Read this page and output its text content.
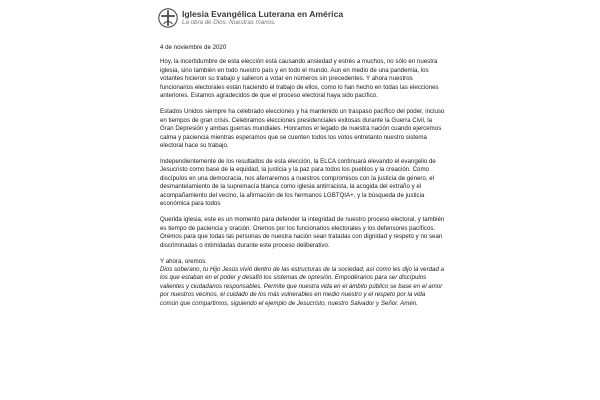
Iglesia Evangélica Luterana en América
La obra de Dios. Nuestras manos.

4 de noviembre de 2020

Hoy, la incertidumbre de esta elección está causando ansiedad y estrés a muchos, no sólo en nuestra iglesia, sino también en todo nuestro país y en todo el mundo. Aun en medio de una pandemia, los votantes hicieron su trabajo y salieron a votar en números sin precedentes. Y ahora nuestros funcionarios electorales están haciendo el trabajo de ellos, como lo han hecho en todas las elecciones anteriores. Estamos agradecidos de que el proceso electoral haya sido pacífico.

Estados Unidos siempre ha celebrado elecciones y ha mantenido un traspaso pacífico del poder, incluso en tiempos de gran crisis. Celebramos elecciones presidenciales exitosas durante la Guerra Civil, la Gran Depresión y ambas guerras mundiales. Honramos el legado de nuestra nación cuando ejercemos calma y paciencia mientras esperamos que se cuenten todos los votos entretanto nuestro sistema electoral hace su trabajo.

Independientemente de los resultados de esta elección, la ELCA continuará elevando el evangelio de Jesucristo como base de la equidad, la justicia y la paz para todos los pueblos y la creación. Como discípulos en una democracia, nos aferraremos a nuestros compromisos con la justicia de género, el desmantelamiento de la supremacía blanca como iglesia antirracista, la acogida del extraño y el acompañamiento del vecino, la afirmación de los hermanos LGBTQIA+, y la búsqueda de justicia económica para todos

Querida iglesia, este es un momento para defender la integridad de nuestro proceso electoral, y también es tiempo de paciencia y oración. Oremos por los funcionarios electorales y los defensores pacíficos. Oremos para que todas las personas de nuestra nación sean tratadas con dignidad y respeto y no sean discriminadas o intimidadas durante este proceso deliberativo.

Y ahora, oremos.

Dios soberano, tu Hijo Jesús vivió dentro de las estructuras de la sociedad, así como les dijo la verdad a los que estaban en el poder y desafió los sistemas de opresión. Empodéranos para ser discípulos valientes y ciudadanos responsables. Permite que nuestra vida en el ámbito público se base en el amor por nuestros vecinos, el cuidado de los más vulnerables en medio nuestro y el respeto por la vida común que compartimos, siguiendo el ejemplo de Jesucristo, nuestro Salvador y Señor. Amén.
